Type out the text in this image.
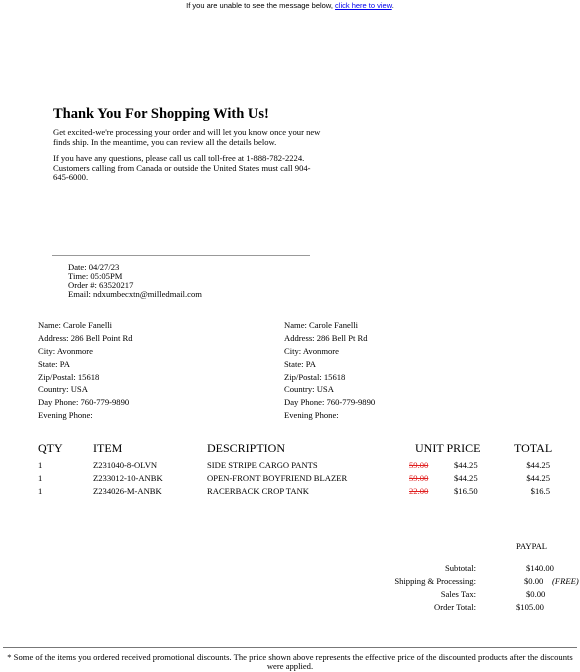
If you are unable to see the message below, click here to view.
Thank You For Shopping With Us!
Get excited-we're processing your order and will let you know once your new finds ship. In the meantime, you can review all the details below.
If you have any questions, please call us call toll-free at 1-888-782-2224. Customers calling from Canada or outside the United States must call 904-645-6000.
Date: 04/27/23
Time: 05:05PM
Order #: 63520217
Email: ndxumbecxtn@milledmail.com
Name: Carole Fanelli
Address: 286 Bell Point Rd
City: Avonmore
State: PA
Zip/Postal: 15618
Country: USA
Day Phone: 760-779-9890
Evening Phone:
Name: Carole Fanelli
Address: 286 Bell Pt Rd
City: Avonmore
State: PA
Zip/Postal: 15618
Country: USA
Day Phone: 760-779-9890
Evening Phone:
QTY	ITEM	DESCRIPTION	UNIT PRICE	TOTAL
1	Z231040-8-OLVN	SIDE STRIPE CARGO PANTS	59.00	$44.25	$44.25
1	Z233012-10-ANBK	OPEN-FRONT BOYFRIEND BLAZER	59.00	$44.25	$44.25
1	Z234026-M-ANBK	RACERBACK CROP TANK	22.00	$16.50	$16.5
PAYPAL
Subtotal:	$140.00
Shipping & Processing:	$0.00 (FREE)
Sales Tax:	$0.00
Order Total:	$105.00
* Some of the items you ordered received promotional discounts. The price shown above represents the effective price of the discounted products after the discounts were applied.
